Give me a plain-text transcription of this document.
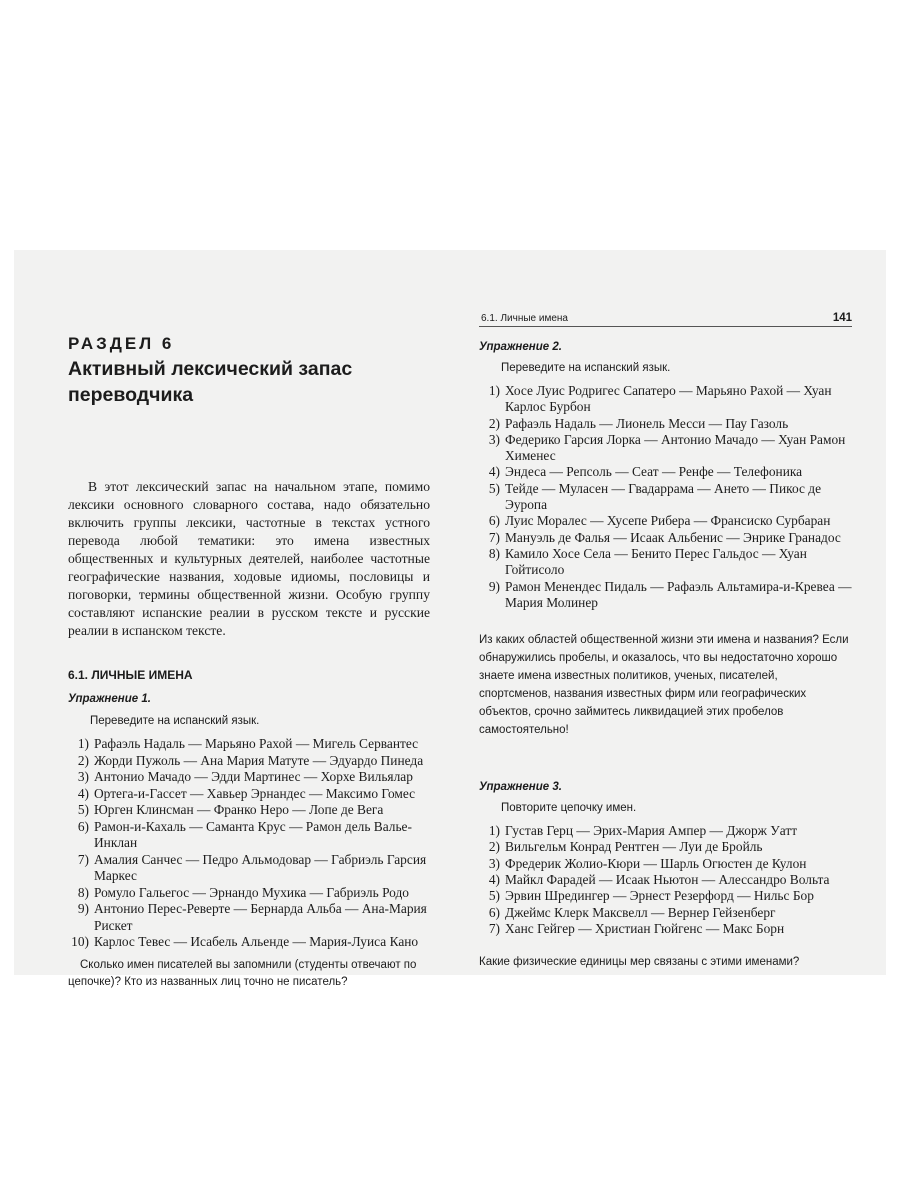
РАЗДЕЛ 6
Активный лексический запас
переводчика

В этот лексический запас на начальном этапе, помимо лексики основного словарного состава, надо обязательно включить группы лексики, частотные в текстах устного перевода любой тематики: это имена известных общественных и культурных деятелей, наиболее частотные географические названия, ходовые идиомы, пословицы и поговорки, термины общественной жизни. Особую группу составляют испанские реалии в русском тексте и русские реалии в испанском тексте.

6.1. ЛИЧНЫЕ ИМЕНА
Упражнение 1.
Переведите на испанский язык.
1) Рафаэль Надаль — Марьяно Рахой — Мигель Сервантес
2) Жорди Пужоль — Ана Мария Матуте — Эдуардо Пинеда
3) Антонио Мачадо — Эдди Мартинес — Хорхе Вильялар
4) Ортега-и-Гассет — Хавьер Эрнандес — Максимо Гомес
5) Юрген Клинсман — Франко Неро — Лопе де Вега
6) Рамон-и-Кахаль — Саманта Крус — Рамон дель Валье-Инклан
7) Амалия Санчес — Педро Альмодовар — Габриэль Гарсия Маркес
8) Ромуло Гальегос — Эрнандо Мухика — Габриэль Родо
9) Антонио Перес-Реверте — Бернарда Альба — Ана-Мария Рискет
10) Карлос Тевес — Исабель Альенде — Мария-Луиса Кано

Сколько имен писателей вы запомнили (студенты отвечают по цепочке)? Кто из названных лиц точно не писатель?

6.1. Личные имена	141
Упражнение 2.
Переведите на испанский язык.
1) Хосе Луис Родригес Сапатеро — Марьяно Рахой — Хуан Карлос Бурбон
2) Рафаэль Надаль — Лионель Месси — Пау Газоль
3) Федерико Гарсия Лорка — Антонио Мачадо — Хуан Рамон Хименес
4) Эндеса — Репсоль — Сеат — Ренфе — Телефоника
5) Тейде — Муласен — Гвадаррама — Ането — Пикос де Эуропа
6) Луис Моралес — Хусепе Рибера — Франсиско Сурбаран
7) Мануэль де Фалья — Исаак Альбенис — Энрике Гранадос
8) Камило Хосе Села — Бенито Перес Гальдос — Хуан Гойтисоло
9) Рамон Менендес Пидаль — Рафаэль Альтамира-и-Кревеа — Мария Молинер

Из каких областей общественной жизни эти имена и названия? Если обнаружились пробелы, и оказалось, что вы недостаточно хорошо знаете имена известных политиков, ученых, писателей, спортсменов, названия известных фирм или географических объектов, срочно займитесь ликвидацией этих пробелов самостоятельно!

Упражнение 3.
Повторите цепочку имен.
1) Густав Герц — Эрих-Мария Ампер — Джорж Уатт
2) Вильгельм Конрад Рентген — Луи де Бройль
3) Фредерик Жолио-Кюри — Шарль Огюстен де Кулон
4) Майкл Фарадей — Исаак Ньютон — Алессандро Вольта
5) Эрвин Шредингер — Эрнест Резерфорд — Нильс Бор
6) Джеймс Клерк Максвелл — Вернер Гейзенберг
7) Ханс Гейгер — Христиан Гюйгенс — Макс Борн

Какие физические единицы мер связаны с этими именами?
